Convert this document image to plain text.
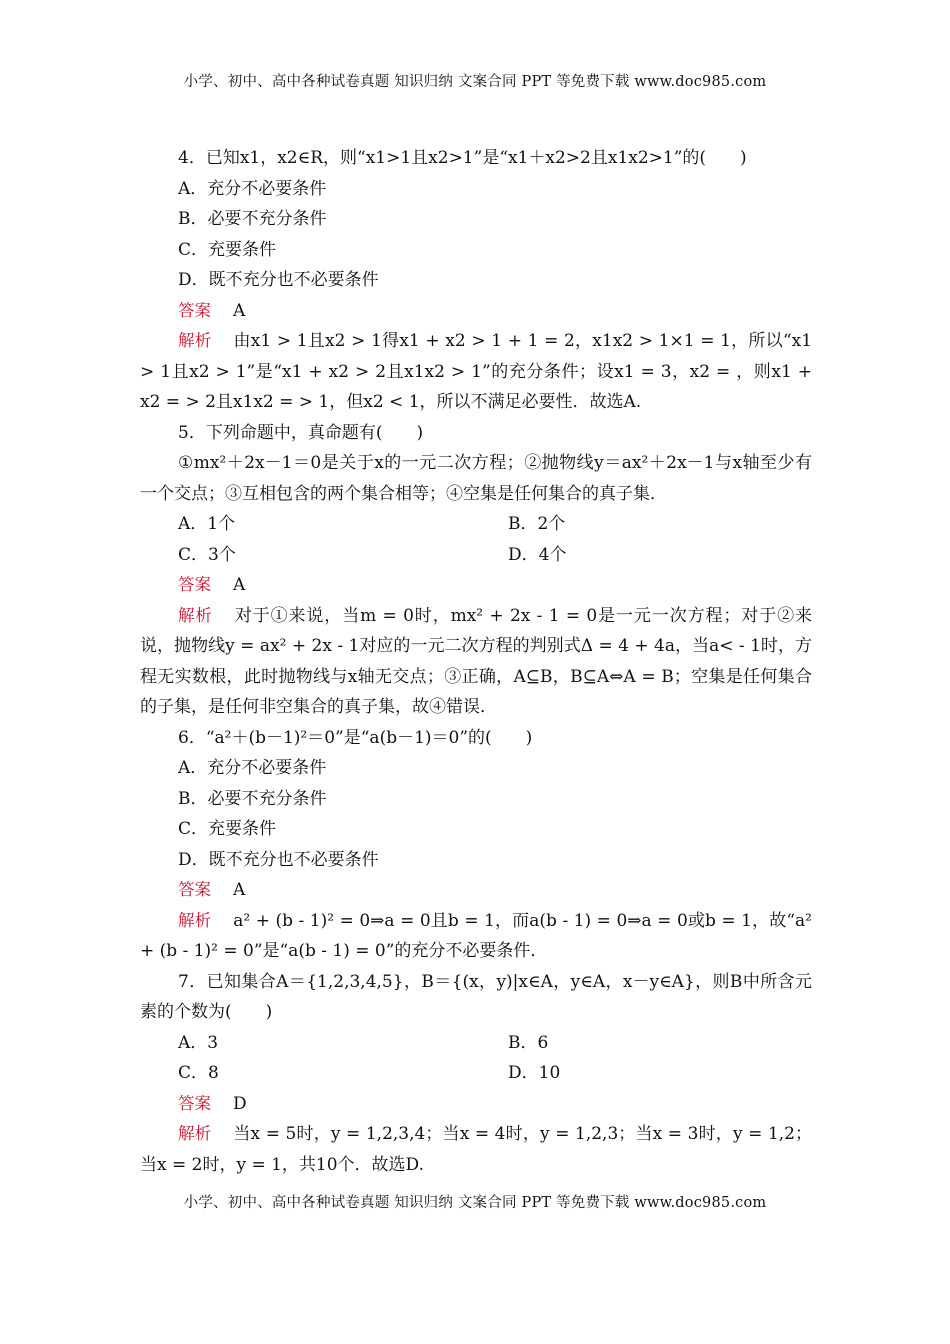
小学、初中、高中各种试卷真题 知识归纳 文案合同 PPT 等免费下载 www.doc985.com
4．已知x1，x2∈R，则“x1>1且x2>1”是“x1＋x2>2且x1x2>1”的(　　)
A．充分不必要条件
B．必要不充分条件
C．充要条件
D．既不充分也不必要条件
答案 A
解析 由x1 > 1且x2 > 1得x1 + x2 > 1 + 1 = 2，x1x2 > 1×1 = 1，所以“x1 > 1且x2 > 1”是“x1 + x2 > 2且x1x2 > 1”的充分条件；设x1 = 3，x2 = ，则x1 + x2 = > 2且x1x2 = > 1，但x2 < 1，所以不满足必要性．故选A.
5．下列命题中，真命题有(　　)
①mx²＋2x－1＝0是关于x的一元二次方程；②抛物线y＝ax²＋2x－1与x轴至少有一个交点；③互相包含的两个集合相等；④空集是任何集合的真子集．
A．1个	B．2个
C．3个	D．4个
答案 A
解析 对于①来说，当m = 0时，mx² + 2x - 1 = 0是一元一次方程；对于②来说，抛物线y = ax² + 2x - 1对应的一元二次方程的判别式Δ = 4 + 4a，当a< - 1时，方程无实数根，此时抛物线与x轴无交点；③正确，A⊆B，B⊆A⇔A = B；空集是任何集合的子集，是任何非空集合的真子集，故④错误．
6．“a²＋(b－1)²＝0”是“a(b－1)＝0”的(　　)
A．充分不必要条件
B．必要不充分条件
C．充要条件
D．既不充分也不必要条件
答案 A
解析 a² + (b - 1)² = 0⇒a = 0且b = 1，而a(b - 1) = 0⇒a = 0或b = 1，故“a² + (b - 1)² = 0”是“a(b - 1) = 0”的充分不必要条件．
7．已知集合A＝{1,2,3,4,5}，B＝{(x，y)|x∈A，y∈A，x－y∈A}，则B中所含元素的个数为(　　)
A．3	B．6
C．8	D．10
答案 D
解析 当x = 5时，y = 1,2,3,4；当x = 4时，y = 1,2,3；当x = 3时，y = 1,2；当x = 2时，y = 1，共10个．故选D.
小学、初中、高中各种试卷真题 知识归纳 文案合同 PPT 等免费下载 www.doc985.com
